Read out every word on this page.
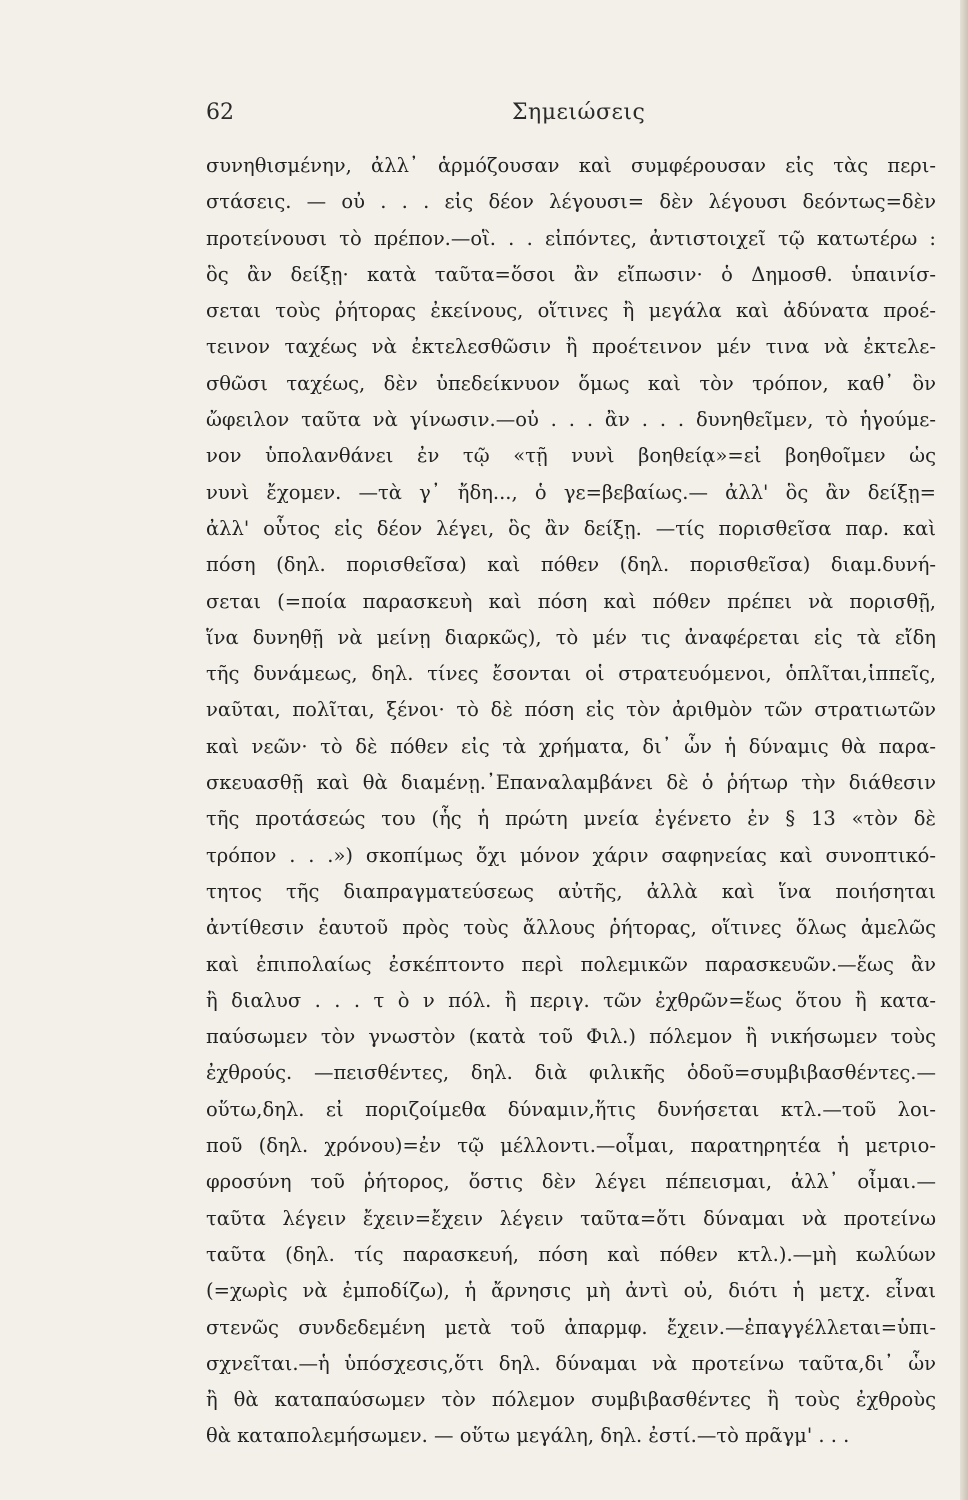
62	Σημειώσεις
συνηθισμένην, ἀλλ᾽ ἁρμόζουσαν καὶ συμφέρουσαν εἰς τὰς περι-
στάσεις. — οὐ . . . εἰς δέον λέγουσι= δὲν λέγουσι δεόντως=δὲν
προτείνουσι τὸ πρέπον.—οἳ. . . εἰπόντες, ἀντιστοιχεῖ τῷ κατωτέρω :
ὃς ἂν δείξῃ· κατὰ ταῦτα=ὅσοι ἂν εἴπωσιν· ὁ Δημοσθ. ὑπαινίσ-
σεται τοὺς ῥήτορας ἐκείνους, οἵτινες ἢ μεγάλα καὶ ἀδύνατα προέ-
τεινον ταχέως νὰ ἐκτελεσθῶσιν ἢ προέτεινον μέν τινα νὰ ἐκτελε-
σθῶσι ταχέως, δὲν ὑπεδείκνυον ὅμως καὶ τὸν τρόπον, καθ᾽ ὃν
ὤφειλον ταῦτα νὰ γίνωσιν.—οὐ . . . ἂν . . . δυνηθεῖμεν, τὸ ἡγούμε-
νον ὑπολανθάνει ἐν τῷ «τῇ νυνὶ βοηθείᾳ»=εἰ βοηθοῖμεν ὡς
νυνὶ ἔχομεν. —τὰ γ᾽ ἤδη..., ὁ γε=βεβαίως.— ἀλλ' ὃς ἂν δείξῃ=
ἀλλ' οὗτος εἰς δέον λέγει, ὃς ἂν δείξῃ. —τίς πορισθεῖσα παρ. καὶ
πόση (δηλ. πορισθεῖσα) καὶ πόθεν (δηλ. πορισθεῖσα) διαμ.δυνή-
σεται (=ποία παρασκευὴ καὶ πόση καὶ πόθεν πρέπει νὰ πορισθῇ,
ἵνα δυνηθῇ νὰ μείνῃ διαρκῶς), τὸ μέν τις ἀναφέρεται εἰς τὰ εἴδη
τῆς δυνάμεως, δηλ. τίνες ἔσονται οἱ στρατευόμενοι, ὁπλῖται,ἱππεῖς,
ναῦται, πολῖται, ξένοι· τὸ δὲ πόση εἰς τὸν ἀριθμὸν τῶν στρατιωτῶν
καὶ νεῶν· τὸ δὲ πόθεν εἰς τὰ χρήματα, δι᾽ ὧν ἡ δύναμις θὰ παρα-
σκευασθῇ καὶ θὰ διαμένῃ.᾽Επαναλαμβάνει δὲ ὁ ῥήτωρ τὴν διάθεσιν
τῆς προτάσεώς του (ἧς ἡ πρώτη μνεία ἐγένετο ἐν § 13 «τὸν δὲ
τρόπον . . .») σκοπίμως ὄχι μόνον χάριν σαφηνείας καὶ συνοπτικό-
τητος τῆς διαπραγματεύσεως αὐτῆς, ἀλλὰ καὶ ἵνα ποιήσηται
ἀντίθεσιν ἑαυτοῦ πρὸς τοὺς ἄλλους ῥήτορας, οἵτινες ὅλως ἀμελῶς
καὶ ἐπιπολαίως ἐσκέπτοντο περὶ πολεμικῶν παρασκευῶν.—ἕως ἂν
ἢ διαλυσ . . . τ ὸ ν πόλ. ἢ περιγ. τῶν ἐχθρῶν=ἕως ὅτου ἢ κατα-
παύσωμεν τὸν γνωστὸν (κατὰ τοῦ Φιλ.) πόλεμον ἢ νικήσωμεν τοὺς
ἐχθρούς. —πεισθέντες, δηλ. διὰ φιλικῆς ὁδοῦ=συμβιβασθέντες.—
οὕτω,δηλ. εἰ ποριζοίμεθα δύναμιν,ἥτις δυνήσεται κτλ.—τοῦ λοι-
ποῦ (δηλ. χρόνου)=ἐν τῷ μέλλοντι.—οἶμαι, παρατηρητέα ἡ μετριο-
φροσύνη τοῦ ῥήτορος, ὅστις δὲν λέγει πέπεισμαι, ἀλλ᾽ οἶμαι.—
ταῦτα λέγειν ἔχειν=ἔχειν λέγειν ταῦτα=ὅτι δύναμαι νὰ προτείνω
ταῦτα (δηλ. τίς παρασκευή, πόση καὶ πόθεν κτλ.).—μὴ κωλύων
(=χωρὶς νὰ ἐμποδίζω), ἡ ἄρνησις μὴ ἀντὶ οὐ, διότι ἡ μετχ. εἶναι
στενῶς συνδεδεμένη μετὰ τοῦ ἀπαρμφ. ἔχειν.—ἐπαγγέλλεται=ὑπι-
σχνεῖται.—ἡ ὑπόσχεσις,ὅτι δηλ. δύναμαι νὰ προτείνω ταῦτα,δι᾽ ὧν
ἢ θὰ καταπαύσωμεν τὸν πόλεμον συμβιβασθέντες ἢ τοὺς ἐχθροὺς
θὰ καταπολεμήσωμεν. — οὕτω μεγάλη, δηλ. ἐστί.—τὸ πρᾶγμ' . . .
